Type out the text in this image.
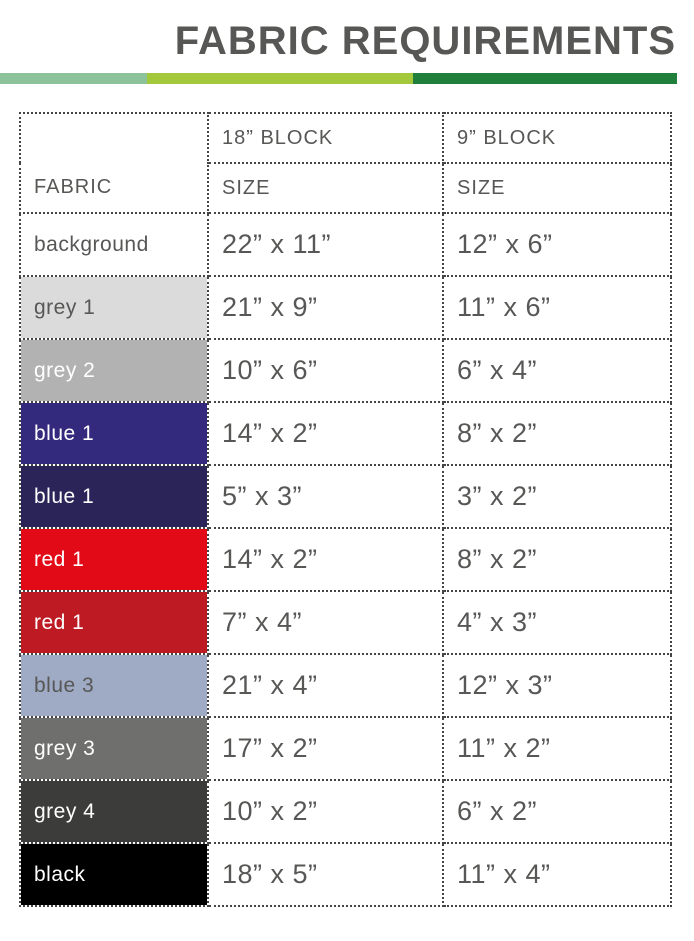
FABRIC REQUIREMENTS
FABRIC	18” BLOCK	9” BLOCK
	SIZE	SIZE
background	22” x 11”	12” x 6”
grey 1	21” x 9”	11” x 6”
grey 2	10” x 6”	6” x 4”
blue 1	14” x 2”	8” x 2”
blue 1	5” x 3”	3” x 2”
red 1	14” x 2”	8” x 2”
red 1	7” x 4”	4” x 3”
blue 3	21” x 4”	12” x 3”
grey 3	17” x 2”	11” x 2”
grey 4	10” x 2”	6” x 2”
black	18” x 5”	11” x 4”
